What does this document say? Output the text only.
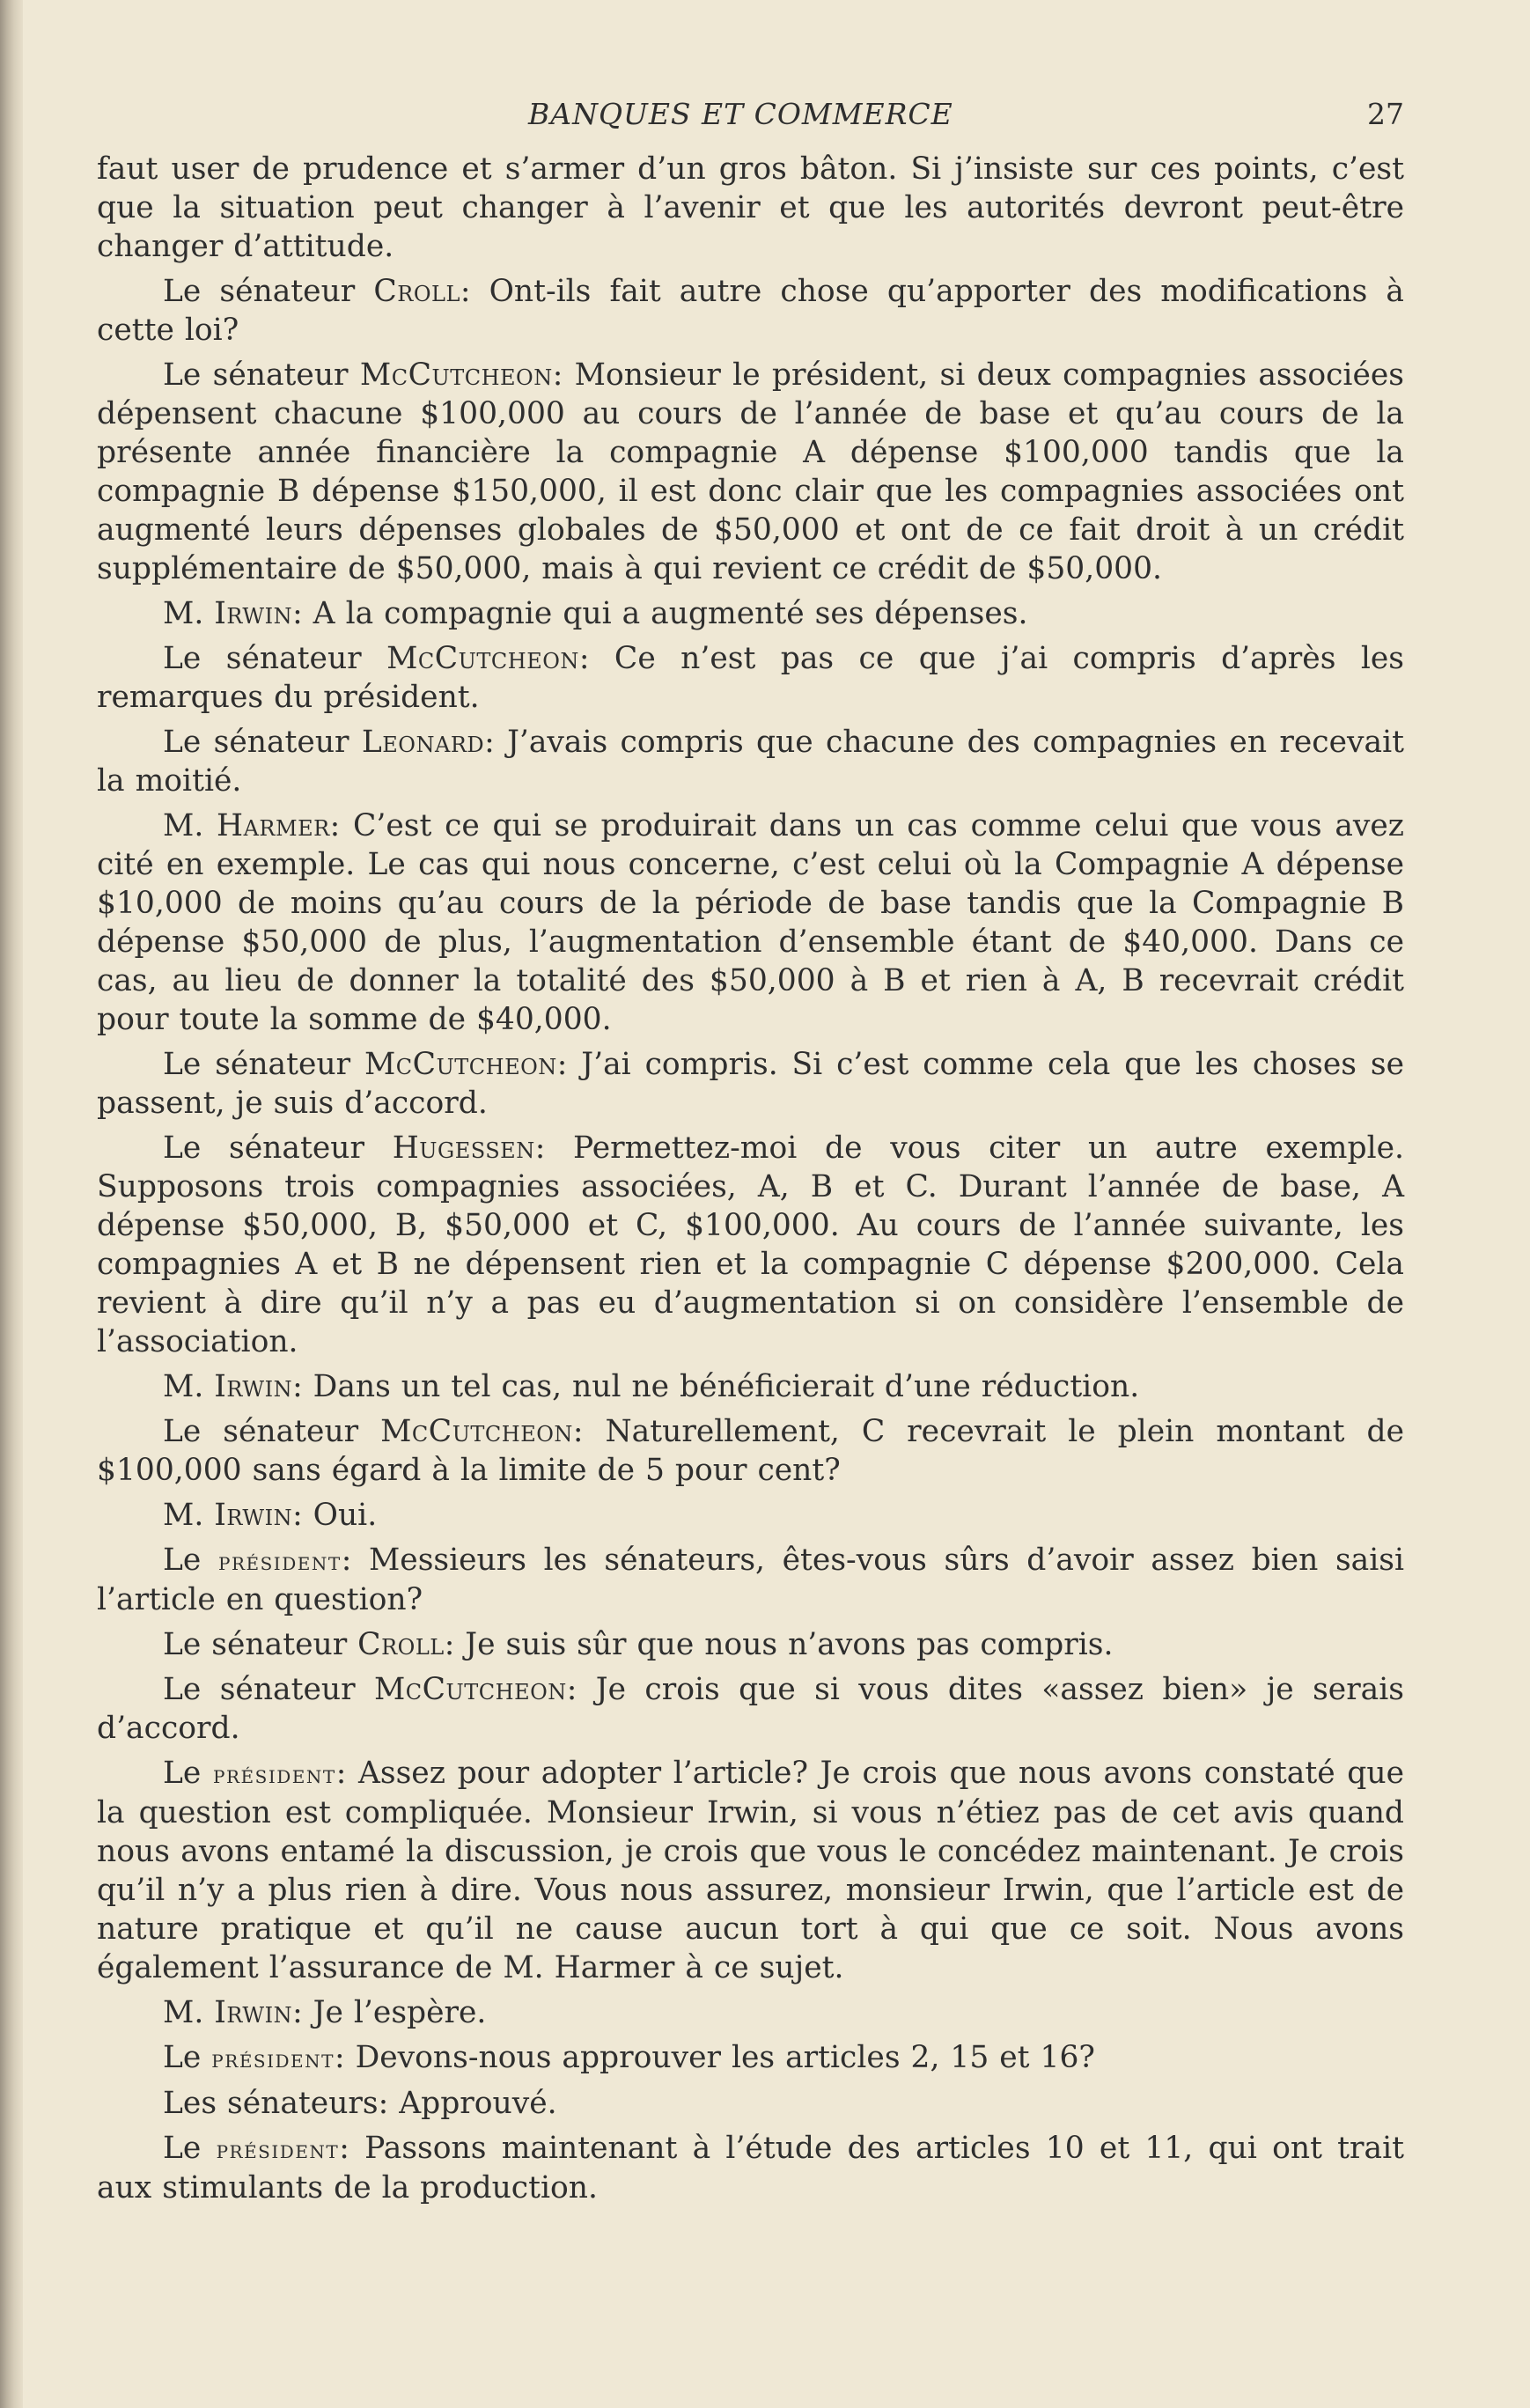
BANQUES ET COMMERCE	27

faut user de prudence et s’armer d’un gros bâton. Si j’insiste sur ces points, c’est que la situation peut changer à l’avenir et que les autorités devront peut-être changer d’attitude.

Le sénateur Croll: Ont-ils fait autre chose qu’apporter des modifications à cette loi?

Le sénateur McCutcheon: Monsieur le président, si deux compagnies associées dépensent chacune $100,000 au cours de l’année de base et qu’au cours de la présente année financière la compagnie A dépense $100,000 tandis que la compagnie B dépense $150,000, il est donc clair que les compagnies associées ont augmenté leurs dépenses globales de $50,000 et ont de ce fait droit à un crédit supplémentaire de $50,000, mais à qui revient ce crédit de $50,000.

M. Irwin: A la compagnie qui a augmenté ses dépenses.

Le sénateur McCutcheon: Ce n’est pas ce que j’ai compris d’après les remarques du président.

Le sénateur Leonard: J’avais compris que chacune des compagnies en recevait la moitié.

M. Harmer: C’est ce qui se produirait dans un cas comme celui que vous avez cité en exemple. Le cas qui nous concerne, c’est celui où la Compagnie A dépense $10,000 de moins qu’au cours de la période de base tandis que la Compagnie B dépense $50,000 de plus, l’augmentation d’ensemble étant de $40,000. Dans ce cas, au lieu de donner la totalité des $50,000 à B et rien à A, B recevrait crédit pour toute la somme de $40,000.

Le sénateur McCutcheon: J’ai compris. Si c’est comme cela que les choses se passent, je suis d’accord.

Le sénateur Hugessen: Permettez-moi de vous citer un autre exemple. Supposons trois compagnies associées, A, B et C. Durant l’année de base, A dépense $50,000, B, $50,000 et C, $100,000. Au cours de l’année suivante, les compagnies A et B ne dépensent rien et la compagnie C dépense $200,000. Cela revient à dire qu’il n’y a pas eu d’augmentation si on considère l’ensemble de l’association.

M. Irwin: Dans un tel cas, nul ne bénéficierait d’une réduction.

Le sénateur McCutcheon: Naturellement, C recevrait le plein montant de $100,000 sans égard à la limite de 5 pour cent?

M. Irwin: Oui.

Le président: Messieurs les sénateurs, êtes-vous sûrs d’avoir assez bien saisi l’article en question?

Le sénateur Croll: Je suis sûr que nous n’avons pas compris.

Le sénateur McCutcheon: Je crois que si vous dites «assez bien» je serais d’accord.

Le président: Assez pour adopter l’article? Je crois que nous avons constaté que la question est compliquée. Monsieur Irwin, si vous n’étiez pas de cet avis quand nous avons entamé la discussion, je crois que vous le concédez maintenant. Je crois qu’il n’y a plus rien à dire. Vous nous assurez, monsieur Irwin, que l’article est de nature pratique et qu’il ne cause aucun tort à qui que ce soit. Nous avons également l’assurance de M. Harmer à ce sujet.

M. Irwin: Je l’espère.

Le président: Devons-nous approuver les articles 2, 15 et 16?

Les sénateurs: Approuvé.

Le président: Passons maintenant à l’étude des articles 10 et 11, qui ont trait aux stimulants de la production.
